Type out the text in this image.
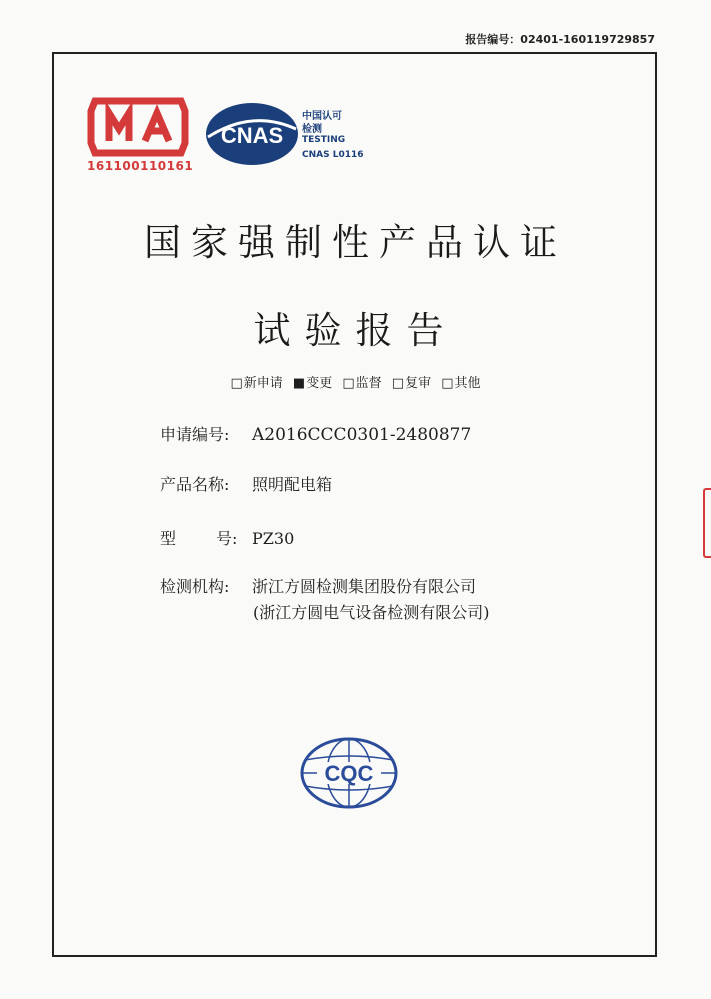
报告编号：02401-160119729857
161100110161
CNAS
中国认可
检测
TESTING
CNAS L0116
国家强制性产品认证
试验报告
□新申请 ■变更 □监督 □复审 □其他
申请编号: A2016CCC0301-2480877
产品名称: 照明配电箱
型 号: PZ30
检测机构: 浙江方圆检测集团股份有限公司
(浙江方圆电气设备检测有限公司)
CQC
